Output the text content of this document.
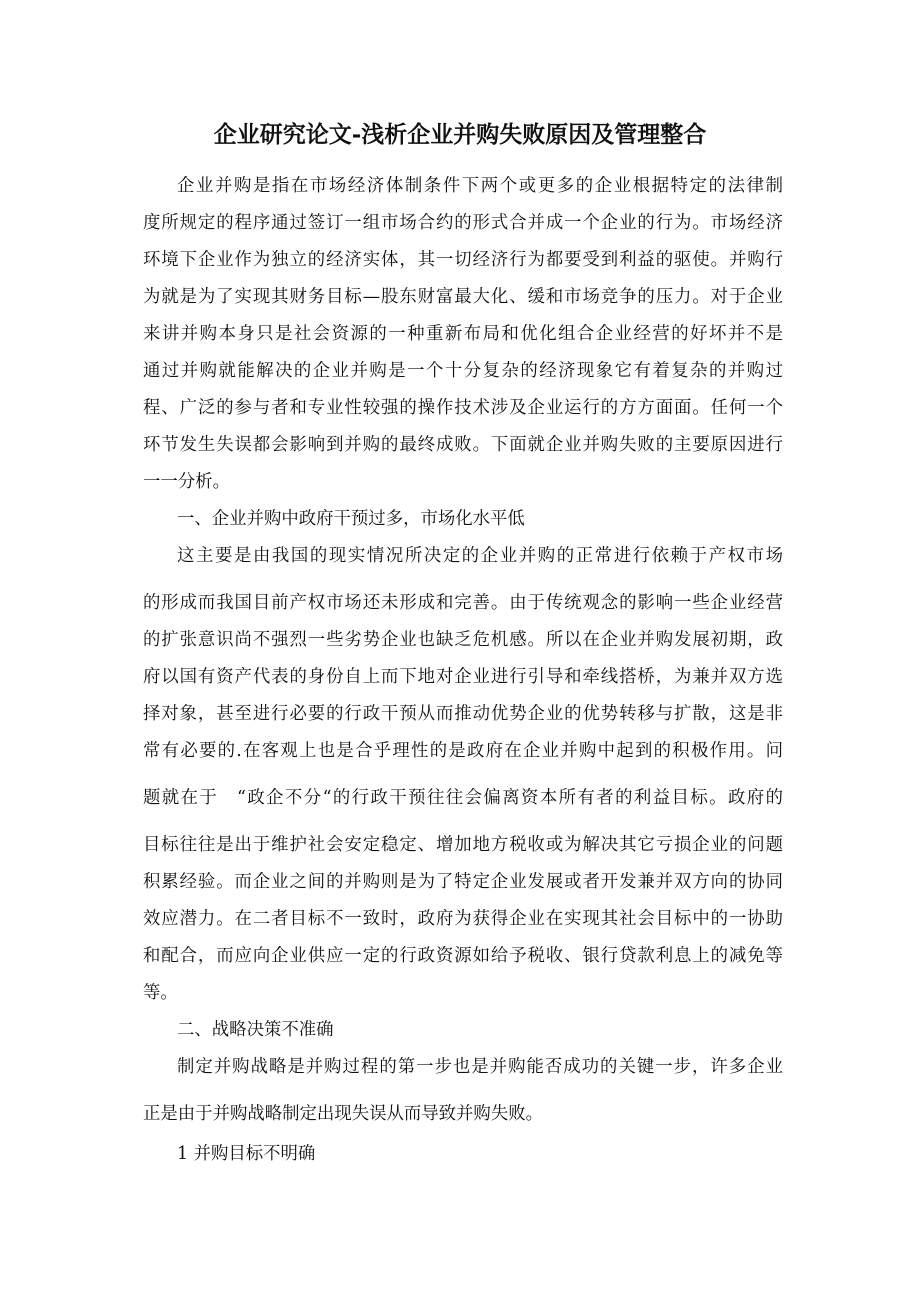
企业研究论文-浅析企业并购失败原因及管理整合
企业并购是指在市场经济体制条件下两个或更多的企业根据特定的法律制
度所规定的程序通过签订一组市场合约的形式合并成一个企业的行为。市场经济
环境下企业作为独立的经济实体，其一切经济行为都要受到利益的驱使。并购行
为就是为了实现其财务目标—股东财富最大化、缓和市场竞争的压力。对于企业
来讲并购本身只是社会资源的一种重新布局和优化组合企业经营的好坏并不是
通过并购就能解决的企业并购是一个十分复杂的经济现象它有着复杂的并购过
程、广泛的参与者和专业性较强的操作技术涉及企业运行的方方面面。任何一个
环节发生失误都会影响到并购的最终成败。下面就企业并购失败的主要原因进行
一一分析。
一、企业并购中政府干预过多，市场化水平低
这主要是由我国的现实情况所决定的企业并购的正常进行依赖于产权市场
的形成而我国目前产权市场还未形成和完善。由于传统观念的影响一些企业经营
的扩张意识尚不强烈一些劣势企业也缺乏危机感。所以在企业并购发展初期，政
府以国有资产代表的身份自上而下地对企业进行引导和牵线搭桥，为兼并双方选
择对象，甚至进行必要的行政干预从而推动优势企业的优势转移与扩散，这是非
常有必要的.在客观上也是合乎理性的是政府在企业并购中起到的积极作用。问
题就在于　“政企不分“的行政干预往往会偏离资本所有者的利益目标。政府的
目标往往是出于维护社会安定稳定、增加地方税收或为解决其它亏损企业的问题
积累经验。而企业之间的并购则是为了特定企业发展或者开发兼并双方向的协同
效应潜力。在二者目标不一致时，政府为获得企业在实现其社会目标中的一协助
和配合，而应向企业供应一定的行政资源如给予税收、银行贷款利息上的减免等
等。
二、战略决策不准确
制定并购战略是并购过程的第一步也是并购能否成功的关键一步，许多企业
正是由于并购战略制定出现失误从而导致并购失败。
1 并购目标不明确
